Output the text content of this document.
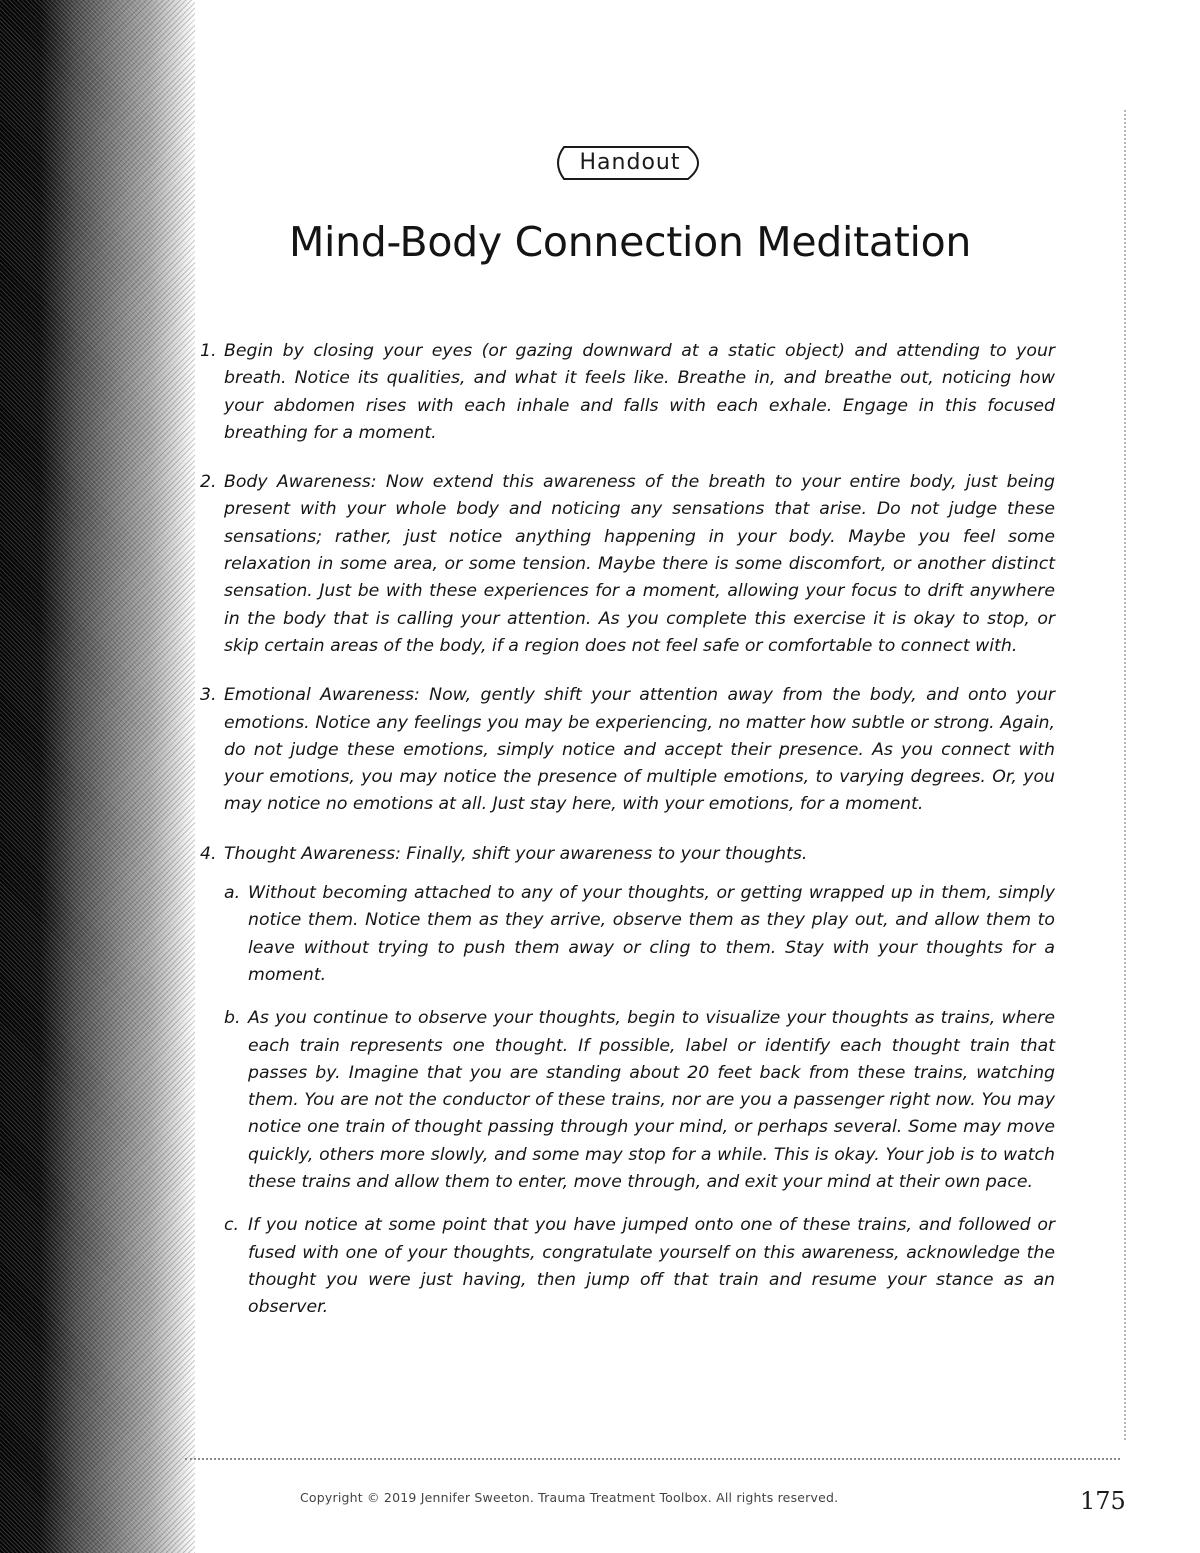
Handout
Mind-Body Connection Meditation
1. Begin by closing your eyes (or gazing downward at a static object) and attending to your breath. Notice its qualities, and what it feels like. Breathe in, and breathe out, noticing how your abdomen rises with each inhale and falls with each exhale. Engage in this focused breathing for a moment.
2. Body Awareness: Now extend this awareness of the breath to your entire body, just being present with your whole body and noticing any sensations that arise. Do not judge these sensations; rather, just notice anything happening in your body. Maybe you feel some relaxation in some area, or some tension. Maybe there is some discomfort, or another distinct sensation. Just be with these experiences for a moment, allowing your focus to drift anywhere in the body that is calling your attention. As you complete this exercise it is okay to stop, or skip certain areas of the body, if a region does not feel safe or comfortable to connect with.
3. Emotional Awareness: Now, gently shift your attention away from the body, and onto your emotions. Notice any feelings you may be experiencing, no matter how subtle or strong. Again, do not judge these emotions, simply notice and accept their presence. As you connect with your emotions, you may notice the presence of multiple emotions, to varying degrees. Or, you may notice no emotions at all. Just stay here, with your emotions, for a moment.
4. Thought Awareness: Finally, shift your awareness to your thoughts.
a. Without becoming attached to any of your thoughts, or getting wrapped up in them, simply notice them. Notice them as they arrive, observe them as they play out, and allow them to leave without trying to push them away or cling to them. Stay with your thoughts for a moment.
b. As you continue to observe your thoughts, begin to visualize your thoughts as trains, where each train represents one thought. If possible, label or identify each thought train that passes by. Imagine that you are standing about 20 feet back from these trains, watching them. You are not the conductor of these trains, nor are you a passenger right now. You may notice one train of thought passing through your mind, or perhaps several. Some may move quickly, others more slowly, and some may stop for a while. This is okay. Your job is to watch these trains and allow them to enter, move through, and exit your mind at their own pace.
c. If you notice at some point that you have jumped onto one of these trains, and followed or fused with one of your thoughts, congratulate yourself on this awareness, acknowledge the thought you were just having, then jump off that train and resume your stance as an observer.
Copyright © 2019 Jennifer Sweeton. Trauma Treatment Toolbox. All rights reserved.	175
